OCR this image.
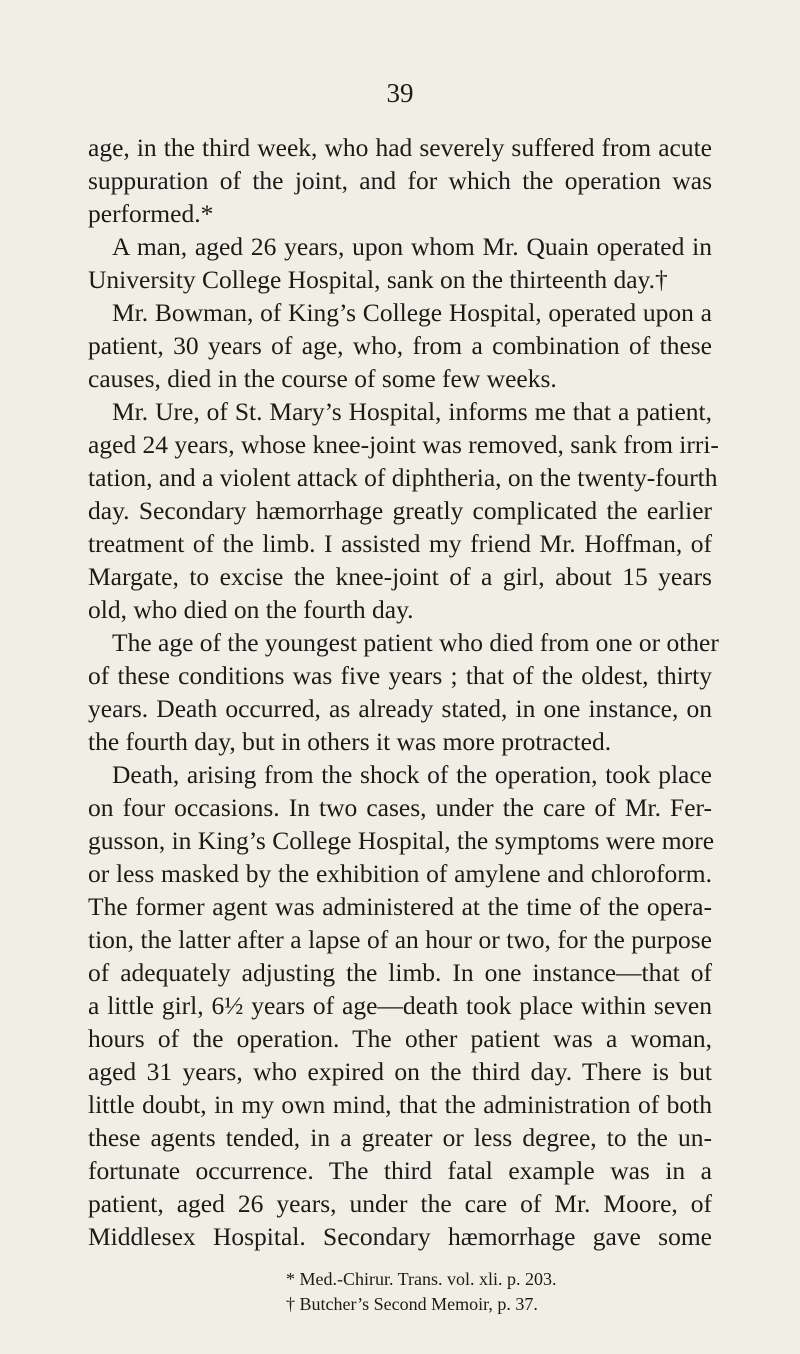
39
age, in the third week, who had severely suffered from acute
suppuration of the joint, and for which the operation was
performed.*
A man, aged 26 years, upon whom Mr. Quain operated in
University College Hospital, sank on the thirteenth day.†
Mr. Bowman, of King’s College Hospital, operated upon a
patient, 30 years of age, who, from a combination of these
causes, died in the course of some few weeks.
Mr. Ure, of St. Mary’s Hospital, informs me that a patient,
aged 24 years, whose knee-joint was removed, sank from irri-
tation, and a violent attack of diphtheria, on the twenty-fourth
day. Secondary hæmorrhage greatly complicated the earlier
treatment of the limb. I assisted my friend Mr. Hoffman, of
Margate, to excise the knee-joint of a girl, about 15 years
old, who died on the fourth day.
The age of the youngest patient who died from one or other
of these conditions was five years ; that of the oldest, thirty
years. Death occurred, as already stated, in one instance, on
the fourth day, but in others it was more protracted.
Death, arising from the shock of the operation, took place
on four occasions. In two cases, under the care of Mr. Fer-
gusson, in King’s College Hospital, the symptoms were more
or less masked by the exhibition of amylene and chloroform.
The former agent was administered at the time of the opera-
tion, the latter after a lapse of an hour or two, for the purpose
of adequately adjusting the limb. In one instance—that of
a little girl, 6½ years of age—death took place within seven
hours of the operation. The other patient was a woman,
aged 31 years, who expired on the third day. There is but
little doubt, in my own mind, that the administration of both
these agents tended, in a greater or less degree, to the un-
fortunate occurrence. The third fatal example was in a
patient, aged 26 years, under the care of Mr. Moore, of
Middlesex Hospital. Secondary hæmorrhage gave some
* Med.-Chirur. Trans. vol. xli. p. 203.
† Butcher’s Second Memoir, p. 37.
